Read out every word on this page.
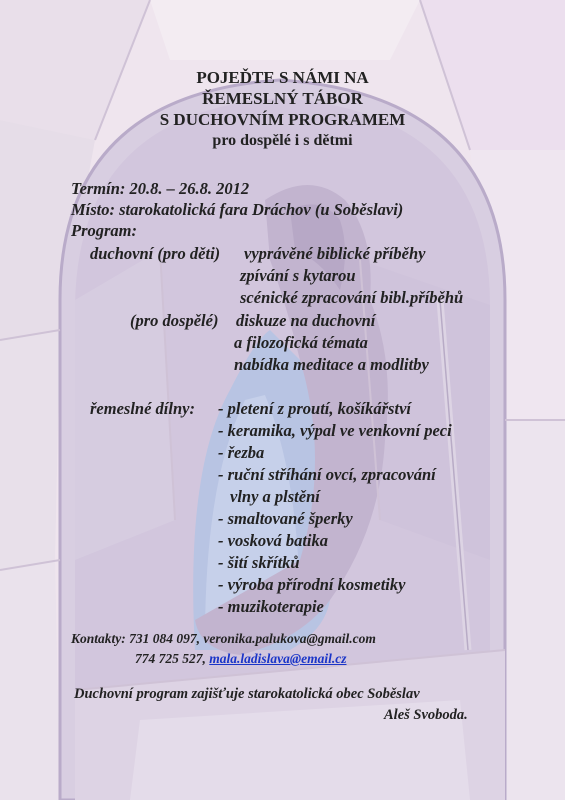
POJEĎTE S NÁMI NA
ŘEMESLNÝ TÁBOR
S DUCHOVNÍM PROGRAMEM
pro dospělé i s dětmi
Termín: 20.8. – 26.8. 2012
Místo: starokatolická fara Dráchov (u Soběslavi)
Program:
duchovní (pro děti) vyprávěné biblické příběhy
zpívání s kytarou
scénické zpracování bibl.příběhů
(pro dospělé) diskuze na duchovní
a filozofická témata
nabídka meditace a modlitby
řemeslné dílny: - pletení z proutí, košíkářství
- keramika, výpal ve venkovní peci
- řezba
- ruční stříhání ovcí, zpracování
vlny a plstění
- smaltované šperky
- vosková batika
- šití skřítků
- výroba přírodní kosmetiky
- muzikoterapie
Kontakty: 731 084 097, veronika.palukova@gmail.com
774 725 527, mala.ladislava@email.cz
Duchovní program zajišťuje starokatolická obec Soběslav
Aleš Svoboda.
